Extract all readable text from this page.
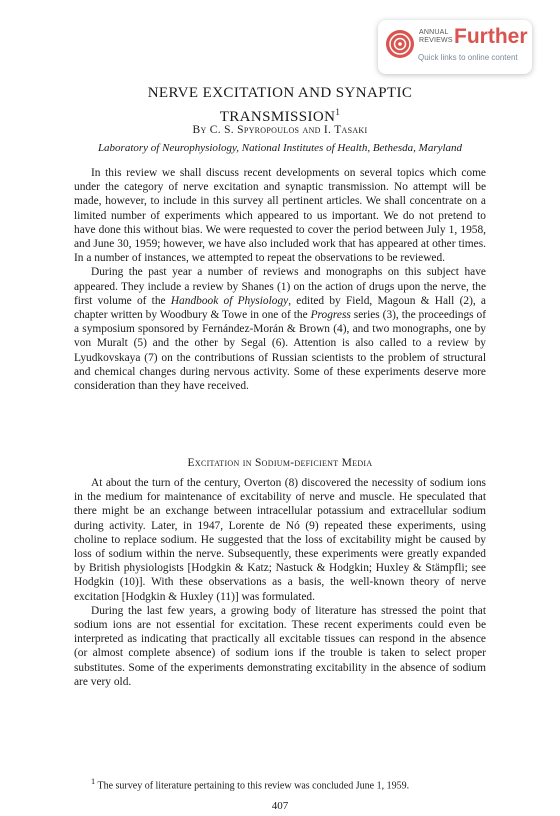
ANNUAL REVIEWS Further
Quick links to online content
NERVE EXCITATION AND SYNAPTIC
TRANSMISSION$^1$
By C. S. Spyropoulos and I. Tasaki
Laboratory of Neurophysiology, National Institutes of Health, Bethesda, Maryland

In this review we shall discuss recent developments on several topics which come under the category of nerve excitation and synaptic transmission. No attempt will be made, however, to include in this survey all pertinent articles. We shall concentrate on a limited number of experiments which appeared to us important. We do not pretend to have done this without bias. We were requested to cover the period between July 1, 1958, and June 30, 1959; however, we have also included work that has appeared at other times. In a number of instances, we attempted to repeat the observations to be reviewed.

During the past year a number of reviews and monographs on this subject have appeared. They include a review by Shanes (1) on the action of drugs upon the nerve, the first volume of the Handbook of Physiology, edited by Field, Magoun & Hall (2), a chapter written by Woodbury & Towe in one of the Progress series (3), the proceedings of a symposium sponsored by Fernández-Morán & Brown (4), and two monographs, one by von Muralt (5) and the other by Segal (6). Attention is also called to a review by Lyudkovskaya (7) on the contributions of Russian scientists to the problem of structural and chemical changes during nervous activity. Some of these experiments deserve more consideration than they have received.

Excitation in Sodium-deficient Media

At about the turn of the century, Overton (8) discovered the necessity of sodium ions in the medium for maintenance of excitability of nerve and muscle. He speculated that there might be an exchange between intracellular potassium and extracellular sodium during activity. Later, in 1947, Lorente de Nó (9) repeated these experiments, using choline to replace sodium. He suggested that the loss of excitability might be caused by loss of sodium within the nerve. Subsequently, these experiments were greatly expanded by British physiologists [Hodgkin & Katz; Nastuck & Hodgkin; Huxley & Stämpfli; see Hodgkin (10)]. With these observations as a basis, the well-known theory of nerve excitation [Hodgkin & Huxley (11)] was formulated.

During the last few years, a growing body of literature has stressed the point that sodium ions are not essential for excitation. These recent experiments could even be interpreted as indicating that practically all excitable tissues can respond in the absence (or almost complete absence) of sodium ions if the trouble is taken to select proper substitutes. Some of the experiments demonstrating excitability in the absence of sodium are very old.

$^1$ The survey of literature pertaining to this review was concluded June 1, 1959.
407
